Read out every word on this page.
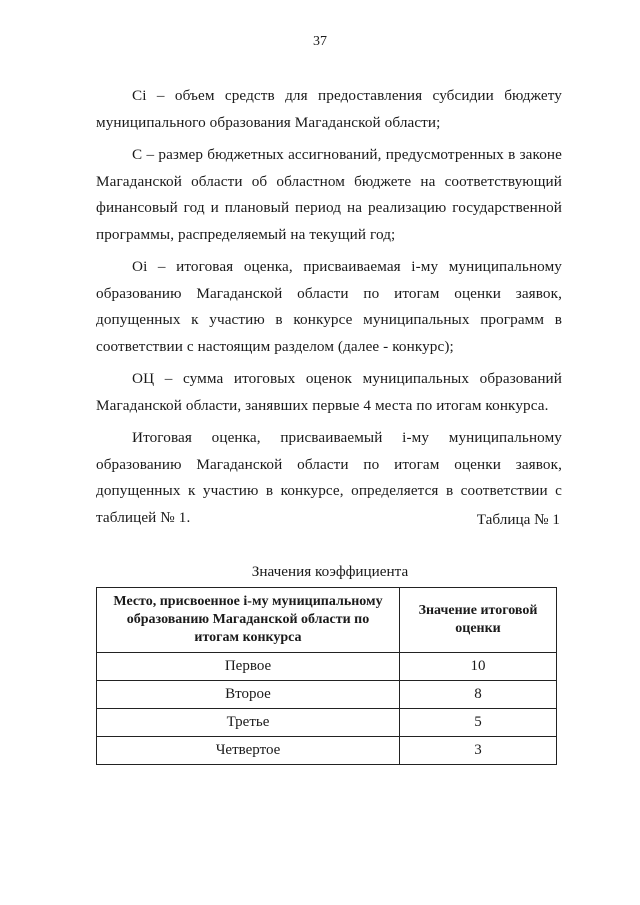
37

Ci – объем средств для предоставления субсидии бюджету муниципального образования Магаданской области;

С – размер бюджетных ассигнований, предусмотренных в законе Магаданской области об областном бюджете на соответствующий финансовый год и плановый период на реализацию государственной программы, распределяемый на текущий год;

Оi – итоговая оценка, присваиваемая i-му муниципальному образованию Магаданской области по итогам оценки заявок, допущенных к участию в конкурсе муниципальных программ в соответствии с настоящим разделом (далее - конкурс);

ОЦ – сумма итоговых оценок муниципальных образований Магаданской области, занявших первые 4 места по итогам конкурса.

Итоговая оценка, присваиваемый i-му муниципальному образованию Магаданской области по итогам оценки заявок, допущенных к участию в конкурсе, определяется в соответствии с таблицей № 1.	Таблица № 1
Значения коэффициента
Место, присвоенное i-му муниципальному образованию Магаданской области по итогам конкурса	Значение итоговой оценки
Первое	10
Второе	8
Третье	5
Четвертое	3
